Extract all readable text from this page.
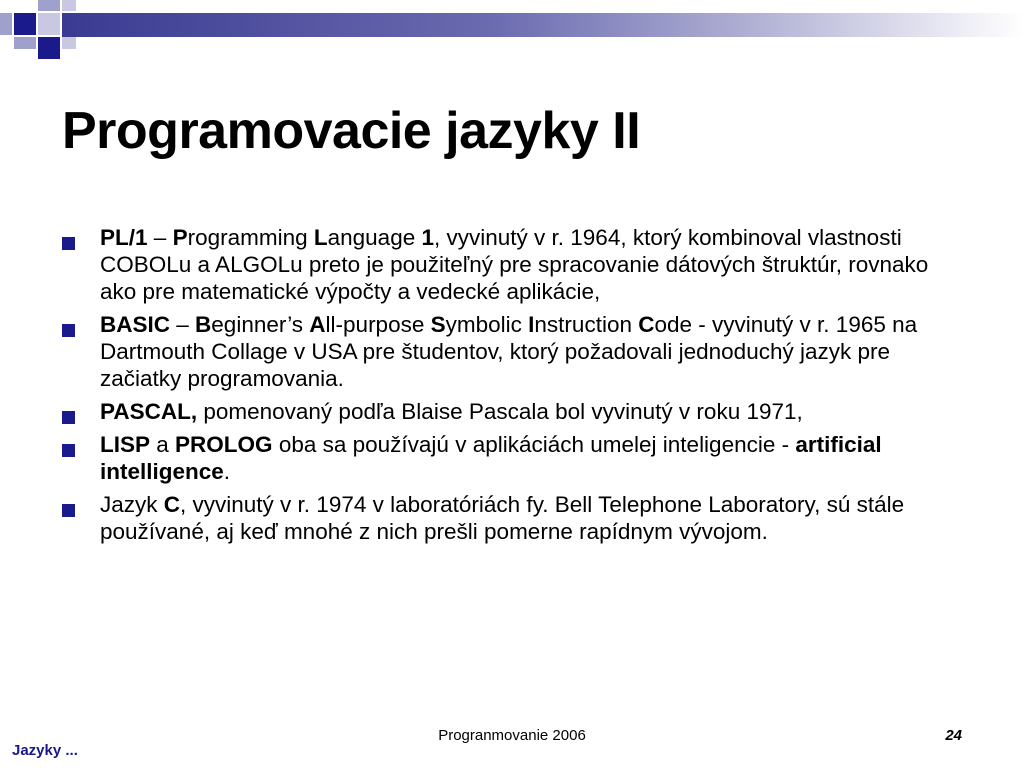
Programovacie jazyky II
PL/1 – Programming Language 1, vyvinutý v r. 1964, ktorý kombinoval vlastnosti COBOLu a ALGOLu preto je použiteľný pre spracovanie dátových štruktúr, rovnako ako pre matematické výpočty a vedecké aplikácie,
BASIC – Beginner’s All-purpose Symbolic Instruction Code - vyvinutý v r. 1965 na Dartmouth Collage v USA pre študentov, ktorý požadovali jednoduchý jazyk pre začiatky programovania.
PASCAL, pomenovaný podľa Blaise Pascala bol vyvinutý v roku 1971,
LISP a PROLOG oba sa používajú v aplikáciách umelej inteligencie - artificial intelligence.
Jazyk C, vyvinutý v r. 1974 v laboratóriách fy. Bell Telephone Laboratory, sú stále používané, aj keď mnohé z nich prešli pomerne rapídnym vývojom.
Progranmovanie 2006	24
Jazyky ...
